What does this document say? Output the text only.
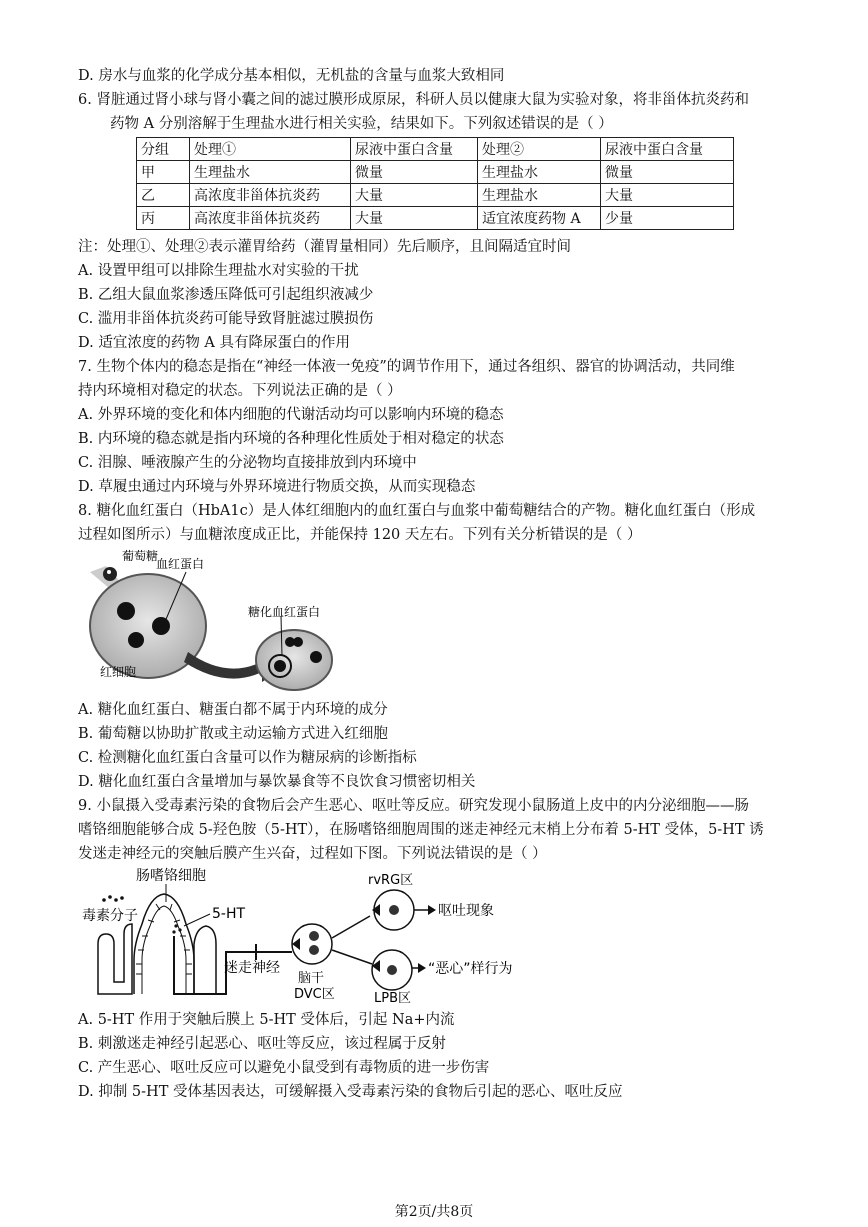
D. 房水与血浆的化学成分基本相似，无机盐的含量与血浆大致相同
6. 肾脏通过肾小球与肾小囊之间的滤过膜形成原尿，科研人员以健康大鼠为实验对象，将非甾体抗炎药和
药物 A 分别溶解于生理盐水进行相关实验，结果如下。下列叙述错误的是（ ）
分组	处理①	尿液中蛋白含量	处理②	尿液中蛋白含量
甲	生理盐水	微量	生理盐水	微量
乙	高浓度非甾体抗炎药	大量	生理盐水	大量
丙	高浓度非甾体抗炎药	大量	适宜浓度药物 A	少量
注：处理①、处理②表示灌胃给药（灌胃量相同）先后顺序，且间隔适宜时间
A. 设置甲组可以排除生理盐水对实验的干扰
B. 乙组大鼠血浆渗透压降低可引起组织液减少
C. 滥用非甾体抗炎药可能导致肾脏滤过膜损伤
D. 适宜浓度的药物 A 具有降尿蛋白的作用
7. 生物个体内的稳态是指在“神经一体液一免疫”的调节作用下，通过各组织、器官的协调活动，共同维
持内环境相对稳定的状态。下列说法正确的是（ ）
A. 外界环境的变化和体内细胞的代谢活动均可以影响内环境的稳态
B. 内环境的稳态就是指内环境的各种理化性质处于相对稳定的状态
C. 泪腺、唾液腺产生的分泌物均直接排放到内环境中
D. 草履虫通过内环境与外界环境进行物质交换，从而实现稳态
8. 糖化血红蛋白（HbA1c）是人体红细胞内的血红蛋白与血浆中葡萄糖结合的产物。糖化血红蛋白（形成
过程如图所示）与血糖浓度成正比，并能保持 120 天左右。下列有关分析错误的是（ ）
葡萄糖
血红蛋白
红细胞
糖化血红蛋白
A. 糖化血红蛋白、糖蛋白都不属于内环境的成分
B. 葡萄糖以协助扩散或主动运输方式进入红细胞
C. 检测糖化血红蛋白含量可以作为糖尿病的诊断指标
D. 糖化血红蛋白含量增加与暴饮暴食等不良饮食习惯密切相关
9. 小鼠摄入受毒素污染的食物后会产生恶心、呕吐等反应。研究发现小鼠肠道上皮中的内分泌细胞——肠
嗜铬细胞能够合成 5-羟色胺（5-HT），在肠嗜铬细胞周围的迷走神经元末梢上分布着 5-HT 受体，5-HT 诱
发迷走神经元的突触后膜产生兴奋，过程如下图。下列说法错误的是（ ）
毒素分子
肠嗜铬细胞
5-HT
迷走神经
脑干
DVC区
rvRG区
呕吐现象
LPB区
“恶心”样行为
A. 5-HT 作用于突触后膜上 5-HT 受体后，引起 Na+内流
B. 刺激迷走神经引起恶心、呕吐等反应，该过程属于反射
C. 产生恶心、呕吐反应可以避免小鼠受到有毒物质的进一步伤害
D. 抑制 5-HT 受体基因表达，可缓解摄入受毒素污染的食物后引起的恶心、呕吐反应
第2页/共8页
